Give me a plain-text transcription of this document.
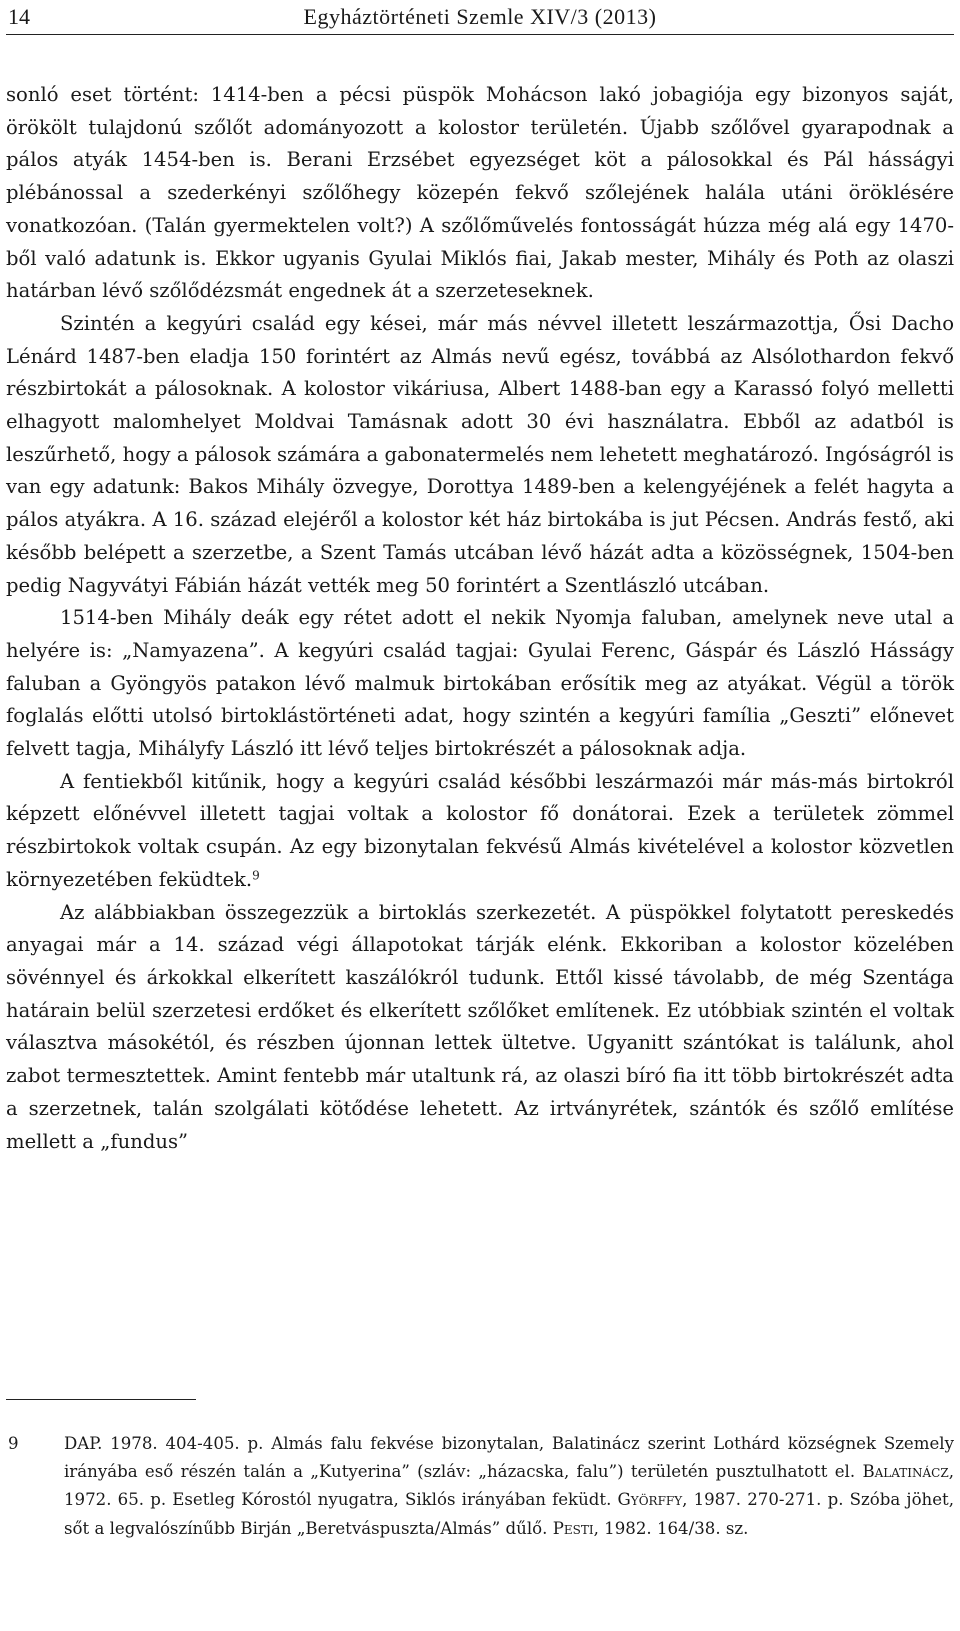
14	Egyháztörténeti Szemle XIV/3 (2013)

sonló eset történt: 1414-ben a pécsi püspök Mohácson lakó jobagiója egy bizonyos saját, örökölt tulajdonú szőlőt adományozott a kolostor területén. Újabb szőlővel gyarapodnak a pálos atyák 1454-ben is. Berani Erzsébet egyezséget köt a pálosokkal és Pál hásságyi plébánossal a szederkényi szőlőhegy közepén fekvő szőlejének halála utáni öröklésére vonatkozóan. (Talán gyermektelen volt?) A szőlőművelés fontosságát húzza még alá egy 1470-ből való adatunk is. Ekkor ugyanis Gyulai Miklós fiai, Jakab mester, Mihály és Poth az olaszi határban lévő szőlődézsmát engednek át a szerzeteseknek.

Szintén a kegyúri család egy kései, már más névvel illetett leszármazottja, Ősi Dacho Lénárd 1487-ben eladja 150 forintért az Almás nevű egész, továbbá az Alsólothardon fekvő részbirtokát a pálosoknak. A kolostor vikáriusa, Albert 1488-ban egy a Karassó folyó melletti elhagyott malomhelyet Moldvai Tamásnak adott 30 évi használatra. Ebből az adatból is leszűrhető, hogy a pálosok számára a gabonatermelés nem lehetett meghatározó. Ingóságról is van egy adatunk: Bakos Mihály özvegye, Dorottya 1489-ben a kelengyéjének a felét hagyta a pálos atyákra. A 16. század elejéről a kolostor két ház birtokába is jut Pécsen. András festő, aki később belépett a szerzetbe, a Szent Tamás utcában lévő házát adta a közösségnek, 1504-ben pedig Nagyvátyi Fábián házát vették meg 50 forintért a Szentlászló utcában.

1514-ben Mihály deák egy rétet adott el nekik Nyomja faluban, amelynek neve utal a helyére is: „Namyazena”. A kegyúri család tagjai: Gyulai Ferenc, Gáspár és László Hásságy faluban a Gyöngyös patakon lévő malmuk birtokában erősítik meg az atyákat. Végül a török foglalás előtti utolsó birtoklástörténeti adat, hogy szintén a kegyúri família „Geszti” előnevet felvett tagja, Mihályfy László itt lévő teljes birtokrészét a pálosoknak adja.

A fentiekből kitűnik, hogy a kegyúri család későbbi leszármazói már más-más birtokról képzett előnévvel illetett tagjai voltak a kolostor fő donátorai. Ezek a területek zömmel részbirtokok voltak csupán. Az egy bizonytalan fekvésű Almás kivételével a kolostor közvetlen környezetében feküdtek.$^9$

Az alábbiakban összegezzük a birtoklás szerkezetét. A püspökkel folytatott pereskedés anyagai már a 14. század végi állapotokat tárják elénk. Ekkoriban a kolostor közelében sövénnyel és árkokkal elkerített kaszálókról tudunk. Ettől kissé távolabb, de még Szentága határain belül szerzetesi erdőket és elkerített szőlőket említenek. Ez utóbbiak szintén el voltak választva másokétól, és részben újonnan lettek ültetve. Ugyanitt szántókat is találunk, ahol zabot termesztettek. Amint fentebb már utaltunk rá, az olaszi bíró fia itt több birtokrészét adta a szerzetnek, talán szolgálati kötődése lehetett. Az irtványrétek, szántók és szőlő említése mellett a „fundus”

9	DAP. 1978. 404-405. p. Almás falu fekvése bizonytalan, Balatinácz szerint Lothárd községnek Szemely irányába eső részén talán a „Kutyerina” (szláv: „házacska, falu”) területén pusztulhatott el. Balatinácz, 1972. 65. p. Esetleg Kórostól nyugatra, Siklós irányában feküdt. Györffy, 1987. 270-271. p. Szóba jöhet, sőt a legvalószínűbb Birján „Beretváspuszta/Almás” dűlő. Pesti, 1982. 164/38. sz.
